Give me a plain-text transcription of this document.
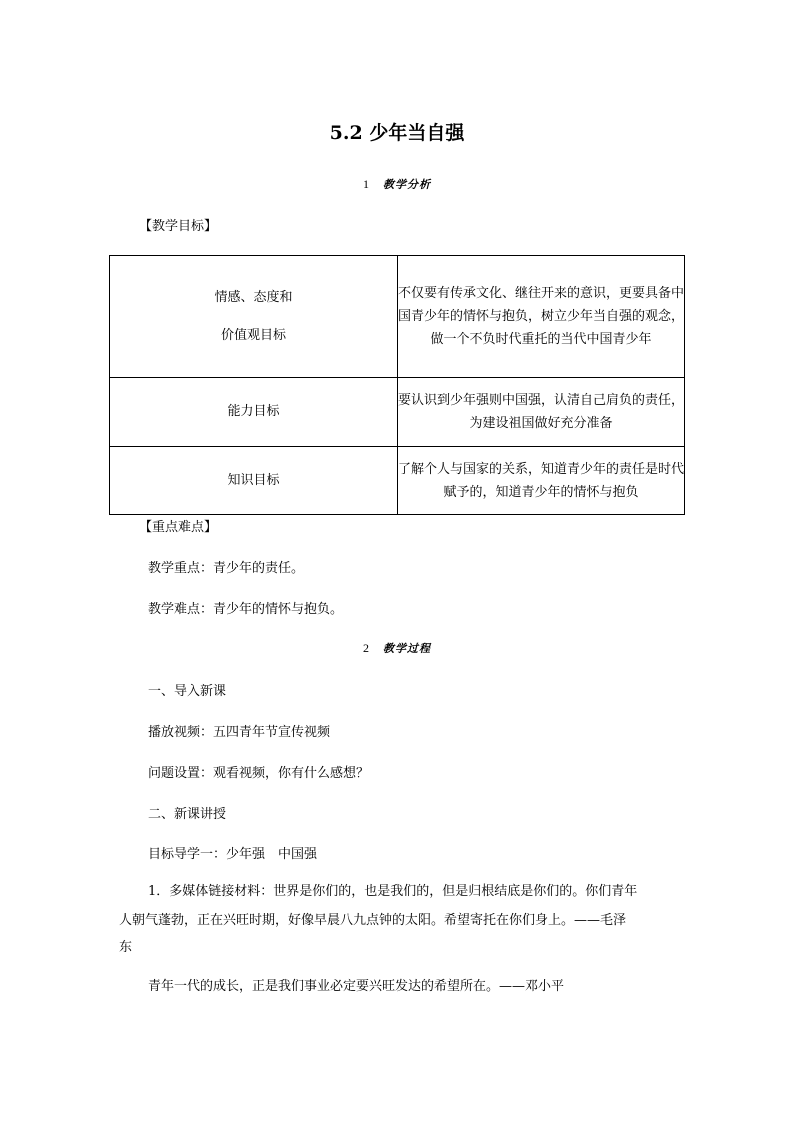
5.2 少年当自强
1 教学分析
【教学目标】
情感、态度和
价值观目标	不仅要有传承文化、继往开来的意识，更要具备中国青少年的情怀与抱负，树立少年当自强的观念，做一个不负时代重托的当代中国青少年
能力目标	要认识到少年强则中国强，认清自己肩负的责任，为建设祖国做好充分准备
知识目标	了解个人与国家的关系，知道青少年的责任是时代赋予的，知道青少年的情怀与抱负
【重点难点】
教学重点：青少年的责任。
教学难点：青少年的情怀与抱负。
2 教学过程
一、导入新课
播放视频：五四青年节宣传视频
问题设置：观看视频，你有什么感想？
二、新课讲授
目标导学一：少年强　中国强
1．多媒体链接材料：世界是你们的，也是我们的，但是归根结底是你们的。你们青年
人朝气蓬勃，正在兴旺时期，好像早晨八九点钟的太阳。希望寄托在你们身上。——毛泽
东
青年一代的成长，正是我们事业必定要兴旺发达的希望所在。——邓小平
